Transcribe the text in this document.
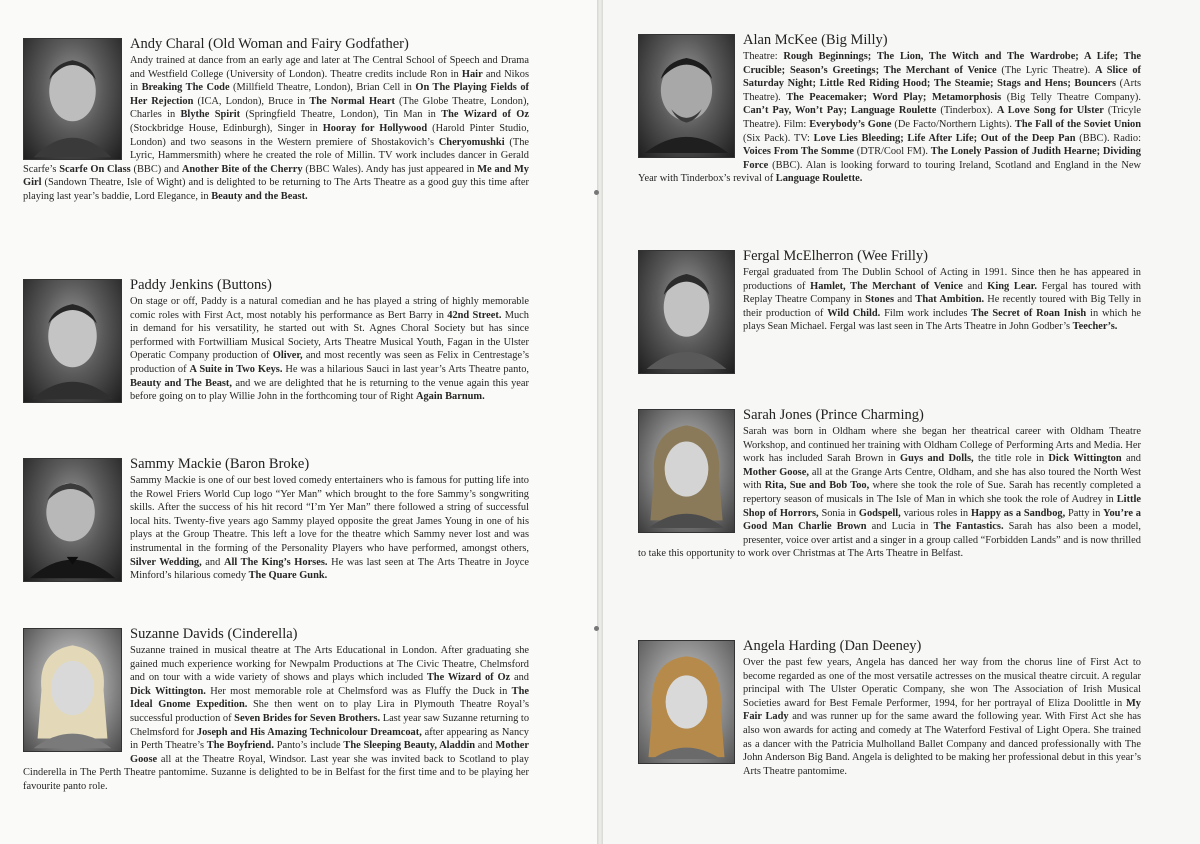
Andy Charal (Old Woman and Fairy Godfather)

Andy trained at dance from an early age and later at The Central School of Speech and Drama and Westfield College (University of London). Theatre credits include Ron in Hair and Nikos in Breaking The Code (Millfield Theatre, London), Brian Cell in On The Playing Fields of Her Rejection (ICA, London), Bruce in The Normal Heart (The Globe Theatre, London), Charles in Blythe Spirit (Springfield Theatre, London), Tin Man in The Wizard of Oz (Stockbridge House, Edinburgh), Singer in Hooray for Hollywood (Harold Pinter Studio, London) and two seasons in the Western premiere of Shostakovich’s Cheryomushki (The Lyric, Hammersmith) where he created the role of Millin. TV work includes dancer in Gerald Scarfe’s Scarfe On Class (BBC) and Another Bite of the Cherry (BBC Wales). Andy has just appeared in Me and My Girl (Sandown Theatre, Isle of Wight) and is delighted to be returning to The Arts Theatre as a good guy this time after playing last year’s baddie, Lord Elegance, in Beauty and the Beast.

Paddy Jenkins (Buttons)

On stage or off, Paddy is a natural comedian and he has played a string of highly memorable comic roles with First Act, most notably his performance as Bert Barry in 42nd Street. Much in demand for his versatility, he started out with St. Agnes Choral Society but has since performed with Fortwilliam Musical Society, Arts Theatre Musical Youth, Fagan in the Ulster Operatic Company production of Oliver, and most recently was seen as Felix in Centrestage’s production of A Suite in Two Keys. He was a hilarious Sauci in last year’s Arts Theatre panto, Beauty and The Beast, and we are delighted that he is returning to the venue again this year before going on to play Willie John in the forthcoming tour of Right Again Barnum.

Sammy Mackie (Baron Broke)

Sammy Mackie is one of our best loved comedy entertainers who is famous for putting life into the Rowel Friers World Cup logo “Yer Man” which brought to the fore Sammy’s songwriting skills. After the success of his hit record “I’m Yer Man” there followed a string of successful local hits. Twenty-five years ago Sammy played opposite the great James Young in one of his plays at the Group Theatre. This left a love for the theatre which Sammy never lost and was instrumental in the forming of the Personality Players who have performed, amongst others, Silver Wedding, and All The King’s Horses. He was last seen at The Arts Theatre in Joyce Minford’s hilarious comedy The Quare Gunk.

Suzanne Davids (Cinderella)

Suzanne trained in musical theatre at The Arts Educational in London. After graduating she gained much experience working for Newpalm Productions at The Civic Theatre, Chelmsford and on tour with a wide variety of shows and plays which included The Wizard of Oz and Dick Wittington. Her most memorable role at Chelmsford was as Fluffy the Duck in The Ideal Gnome Expedition. She then went on to play Lira in Plymouth Theatre Royal’s successful production of Seven Brides for Seven Brothers. Last year saw Suzanne returning to Chelmsford for Joseph and His Amazing Technicolour Dreamcoat, after appearing as Nancy in Perth Theatre’s The Boyfriend. Panto’s include The Sleeping Beauty, Aladdin and Mother Goose all at the Theatre Royal, Windsor. Last year she was invited back to Scotland to play Cinderella in The Perth Theatre pantomime. Suzanne is delighted to be in Belfast for the first time and to be playing her favourite panto role.

Alan McKee (Big Milly)

Theatre: Rough Beginnings; The Lion, The Witch and The Wardrobe; A Life; The Crucible; Season’s Greetings; The Merchant of Venice (The Lyric Theatre). A Slice of Saturday Night; Little Red Riding Hood; The Steamie; Stags and Hens; Bouncers (Arts Theatre). The Peacemaker; Word Play; Metamorphosis (Big Telly Theatre Company). Can’t Pay, Won’t Pay; Language Roulette (Tinderbox). A Love Song for Ulster (Tricyle Theatre). Film: Everybody’s Gone (De Facto/Northern Lights). The Fall of the Soviet Union (Six Pack). TV: Love Lies Bleeding; Life After Life; Out of the Deep Pan (BBC). Radio: Voices From The Somme (DTR/Cool FM). The Lonely Passion of Judith Hearne; Dividing Force (BBC). Alan is looking forward to touring Ireland, Scotland and England in the New Year with Tinderbox’s revival of Language Roulette.

Fergal McElherron (Wee Frilly)

Fergal graduated from The Dublin School of Acting in 1991. Since then he has appeared in productions of Hamlet, The Merchant of Venice and King Lear. Fergal has toured with Replay Theatre Company in Stones and That Ambition. He recently toured with Big Telly in their production of Wild Child. Film work includes The Secret of Roan Inish in which he plays Sean Michael. Fergal was last seen in The Arts Theatre in John Godber’s Teecher’s.

Sarah Jones (Prince Charming)

Sarah was born in Oldham where she began her theatrical career with Oldham Theatre Workshop, and continued her training with Oldham College of Performing Arts and Media. Her work has included Sarah Brown in Guys and Dolls, the title role in Dick Wittington and Mother Goose, all at the Grange Arts Centre, Oldham, and she has also toured the North West with Rita, Sue and Bob Too, where she took the role of Sue. Sarah has recently completed a repertory season of musicals in The Isle of Man in which she took the role of Audrey in Little Shop of Horrors, Sonia in Godspell, various roles in Happy as a Sandbog, Patty in You’re a Good Man Charlie Brown and Lucia in The Fantastics. Sarah has also been a model, presenter, voice over artist and a singer in a group called “Forbidden Lands” and is now thrilled to take this opportunity to work over Christmas at The Arts Theatre in Belfast.

Angela Harding (Dan Deeney)

Over the past few years, Angela has danced her way from the chorus line of First Act to become regarded as one of the most versatile actresses on the musical theatre circuit. A regular principal with The Ulster Operatic Company, she won The Association of Irish Musical Societies award for Best Female Performer, 1994, for her portrayal of Eliza Doolittle in My Fair Lady and was runner up for the same award the following year. With First Act she has also won awards for acting and comedy at The Waterford Festival of Light Opera. She trained as a dancer with the Patricia Mulholland Ballet Company and danced professionally with The John Anderson Big Band. Angela is delighted to be making her professional debut in this year’s Arts Theatre pantomime.
